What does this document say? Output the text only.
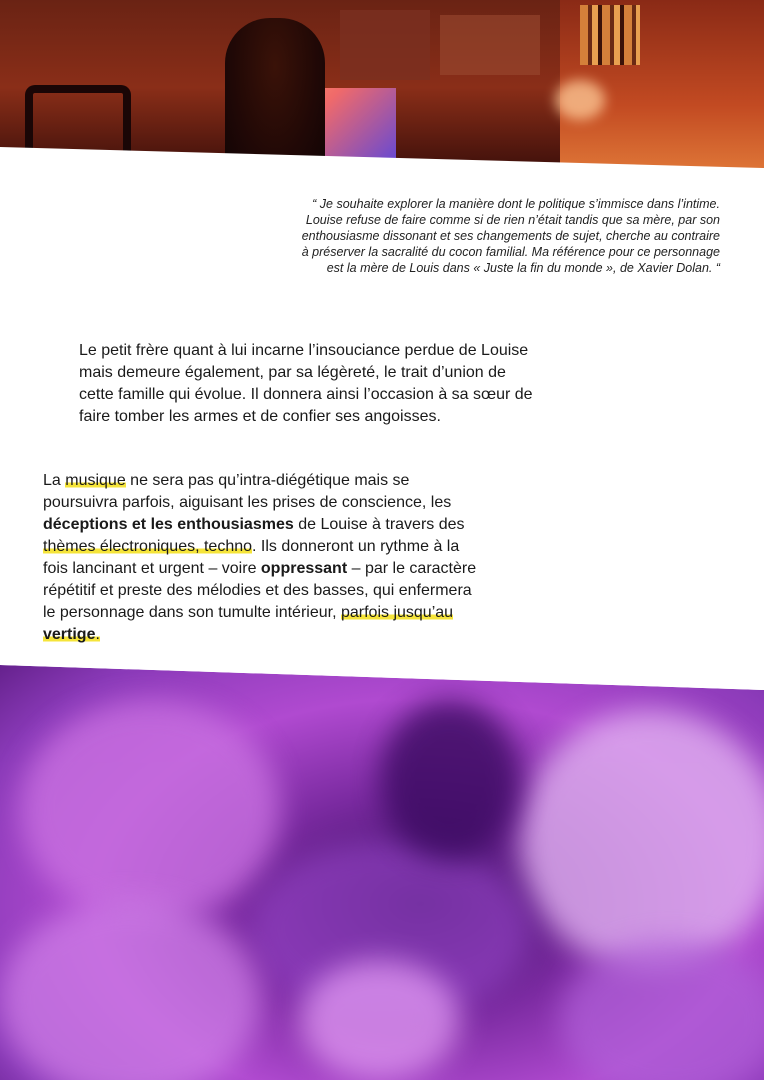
“ Je souhaite explorer la manière dont le politique s’immisce dans l’intime.
Louise refuse de faire comme si de rien n’était tandis que sa mère, par son
enthousiasme dissonant et ses changements de sujet, cherche au contraire
à préserver la sacralité du cocon familial. Ma référence pour ce personnage
est la mère de Louis dans « Juste la fin du monde », de Xavier Dolan. “
Le petit frère quant à lui incarne l’insouciance perdue de Louise
mais demeure également, par sa légèreté, le trait d’union de
cette famille qui évolue. Il donnera ainsi l’occasion à sa sœur de
faire tomber les armes et de confier ses angoisses.
La musique ne sera pas qu’intra-diégétique mais se
poursuivra parfois, aiguisant les prises de conscience, les
déceptions et les enthousiasmes de Louise à travers des
thèmes électroniques, techno. Ils donneront un rythme à la
fois lancinant et urgent – voire oppressant – par le caractère
répétitif et preste des mélodies et des basses, qui enfermera
le personnage dans son tumulte intérieur, parfois jusqu’au
vertige.
